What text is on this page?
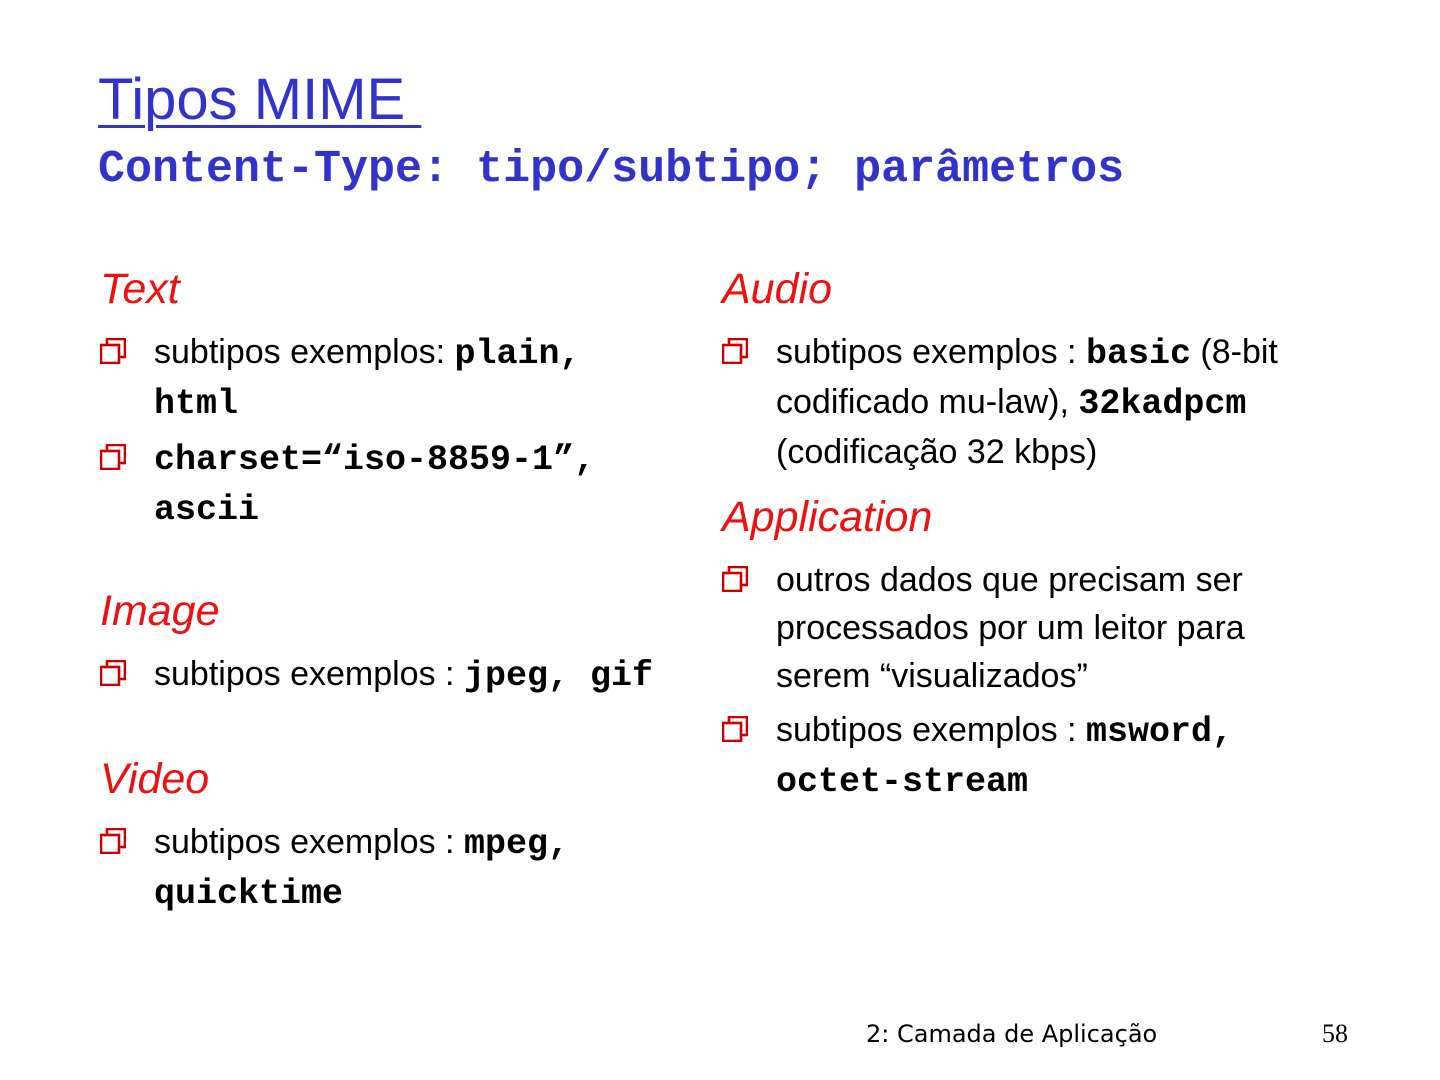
Tipos MIME
Content-Type: tipo/subtipo; parâmetros
Text
subtipos exemplos: plain, html
charset=“iso-8859-1”, ascii
Image
subtipos exemplos : jpeg, gif
Video
subtipos exemplos : mpeg, quicktime
Audio
subtipos exemplos : basic (8-bit codificado mu-law), 32kadpcm  (codificação 32 kbps)
Application
outros dados que precisam ser processados por um leitor para serem “visualizados”
subtipos exemplos : msword, octet-stream
2: Camada de Aplicação	58
